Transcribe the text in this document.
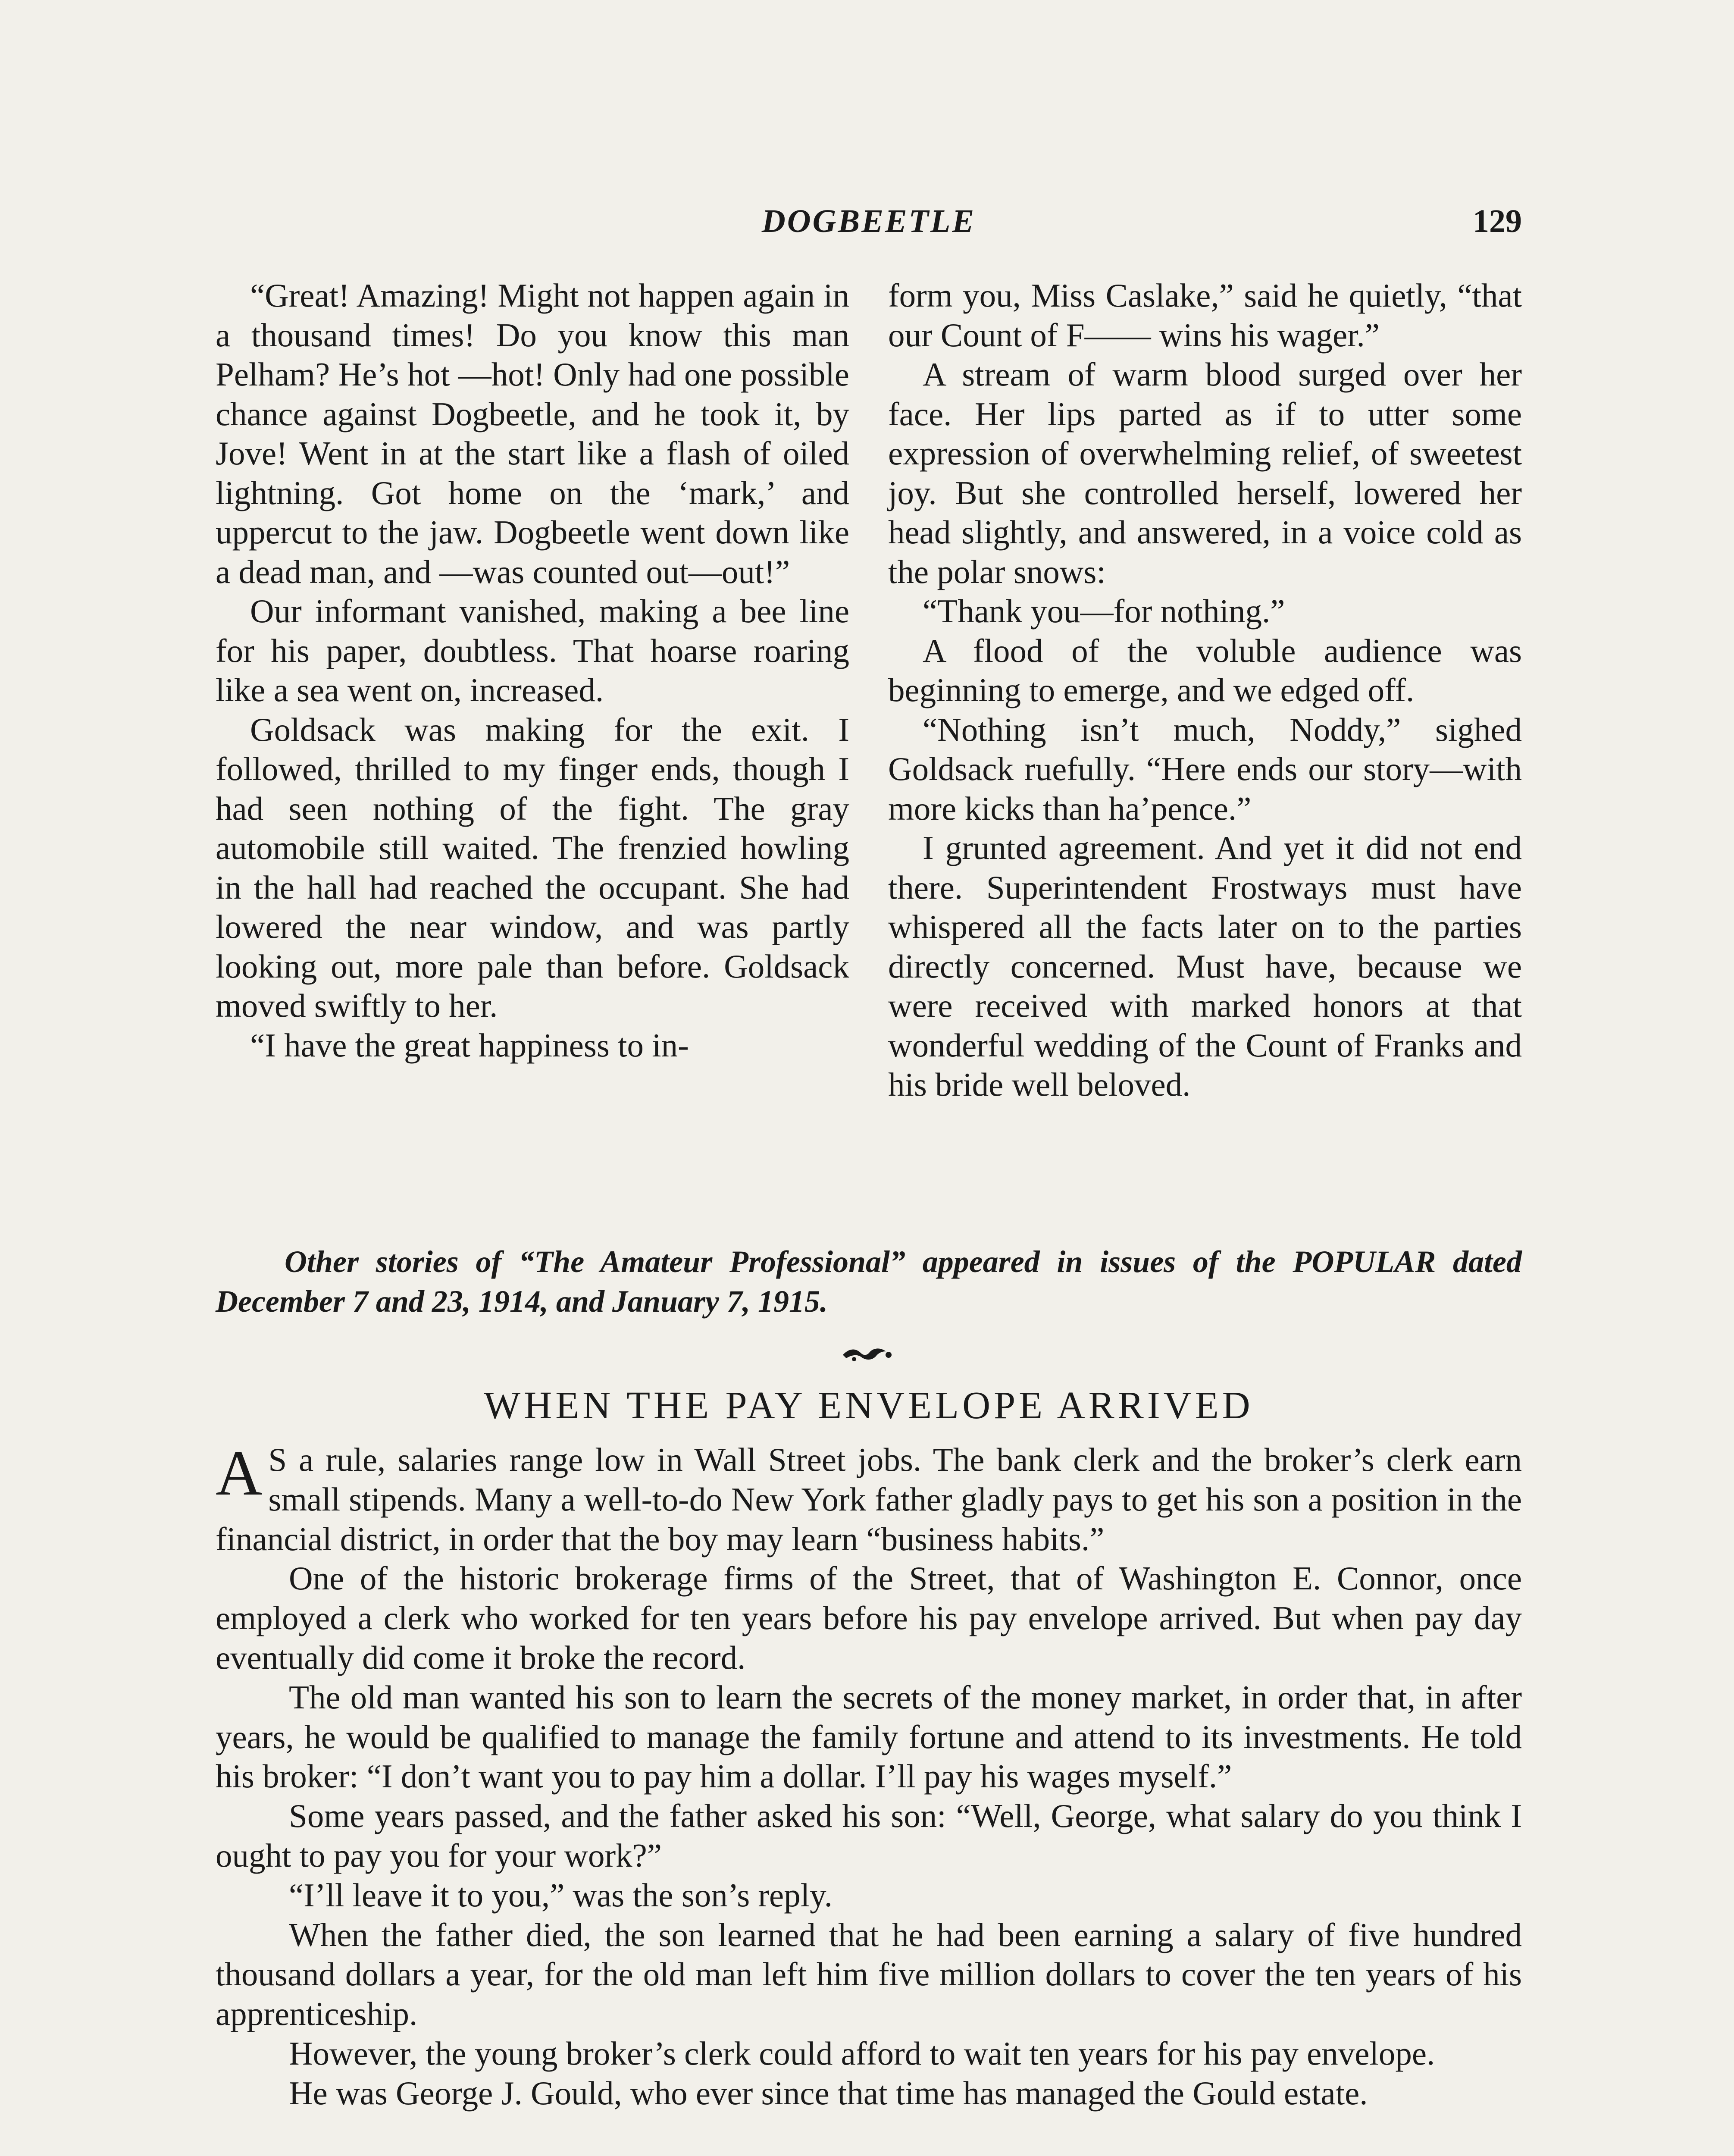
DOGBEETLE	129

“Great! Amazing! Might not happen again in a thousand times! Do you know this man Pelham? He’s hot —hot! Only had one possible chance against Dogbeetle, and he took it, by Jove! Went in at the start like a flash of oiled lightning. Got home on the ‘mark,’ and uppercut to the jaw. Dogbeetle went down like a dead man, and —was counted out—out!”

Our informant vanished, making a bee line for his paper, doubtless. That hoarse roaring like a sea went on, increased.

Goldsack was making for the exit. I followed, thrilled to my finger ends, though I had seen nothing of the fight. The gray automobile still waited. The frenzied howling in the hall had reached the occupant. She had lowered the near window, and was partly looking out, more pale than before. Goldsack moved swiftly to her.

“I have the great happiness to in-

form you, Miss Caslake,” said he quietly, “that our Count of F—— wins his wager.”

A stream of warm blood surged over her face. Her lips parted as if to utter some expression of overwhelming relief, of sweetest joy. But she controlled herself, lowered her head slightly, and answered, in a voice cold as the polar snows:

“Thank you—for nothing.”

A flood of the voluble audience was beginning to emerge, and we edged off.

“Nothing isn’t much, Noddy,” sighed Goldsack ruefully. “Here ends our story—with more kicks than ha’pence.”

I grunted agreement. And yet it did not end there. Superintendent Frostways must have whispered all the facts later on to the parties directly concerned. Must have, because we were received with marked honors at that wonderful wedding of the Count of Franks and his bride well beloved.

Other stories of “The Amateur Professional” appeared in issues of the POPULAR dated December 7 and 23, 1914, and January 7, 1915.

WHEN THE PAY ENVELOPE ARRIVED

A S a rule, salaries range low in Wall Street jobs. The bank clerk and the broker’s clerk earn small stipends. Many a well-to-do New York father gladly pays to get his son a position in the financial district, in order that the boy may learn “business habits.”

One of the historic brokerage firms of the Street, that of Washington E. Connor, once employed a clerk who worked for ten years before his pay envelope arrived. But when pay day eventually did come it broke the record.

The old man wanted his son to learn the secrets of the money market, in order that, in after years, he would be qualified to manage the family fortune and attend to its investments. He told his broker: “I don’t want you to pay him a dollar. I’ll pay his wages myself.”

Some years passed, and the father asked his son: “Well, George, what salary do you think I ought to pay you for your work?”

“I’ll leave it to you,” was the son’s reply.

When the father died, the son learned that he had been earning a salary of five hundred thousand dollars a year, for the old man left him five million dollars to cover the ten years of his apprenticeship.

However, the young broker’s clerk could afford to wait ten years for his pay envelope.

He was George J. Gould, who ever since that time has managed the Gould estate.
